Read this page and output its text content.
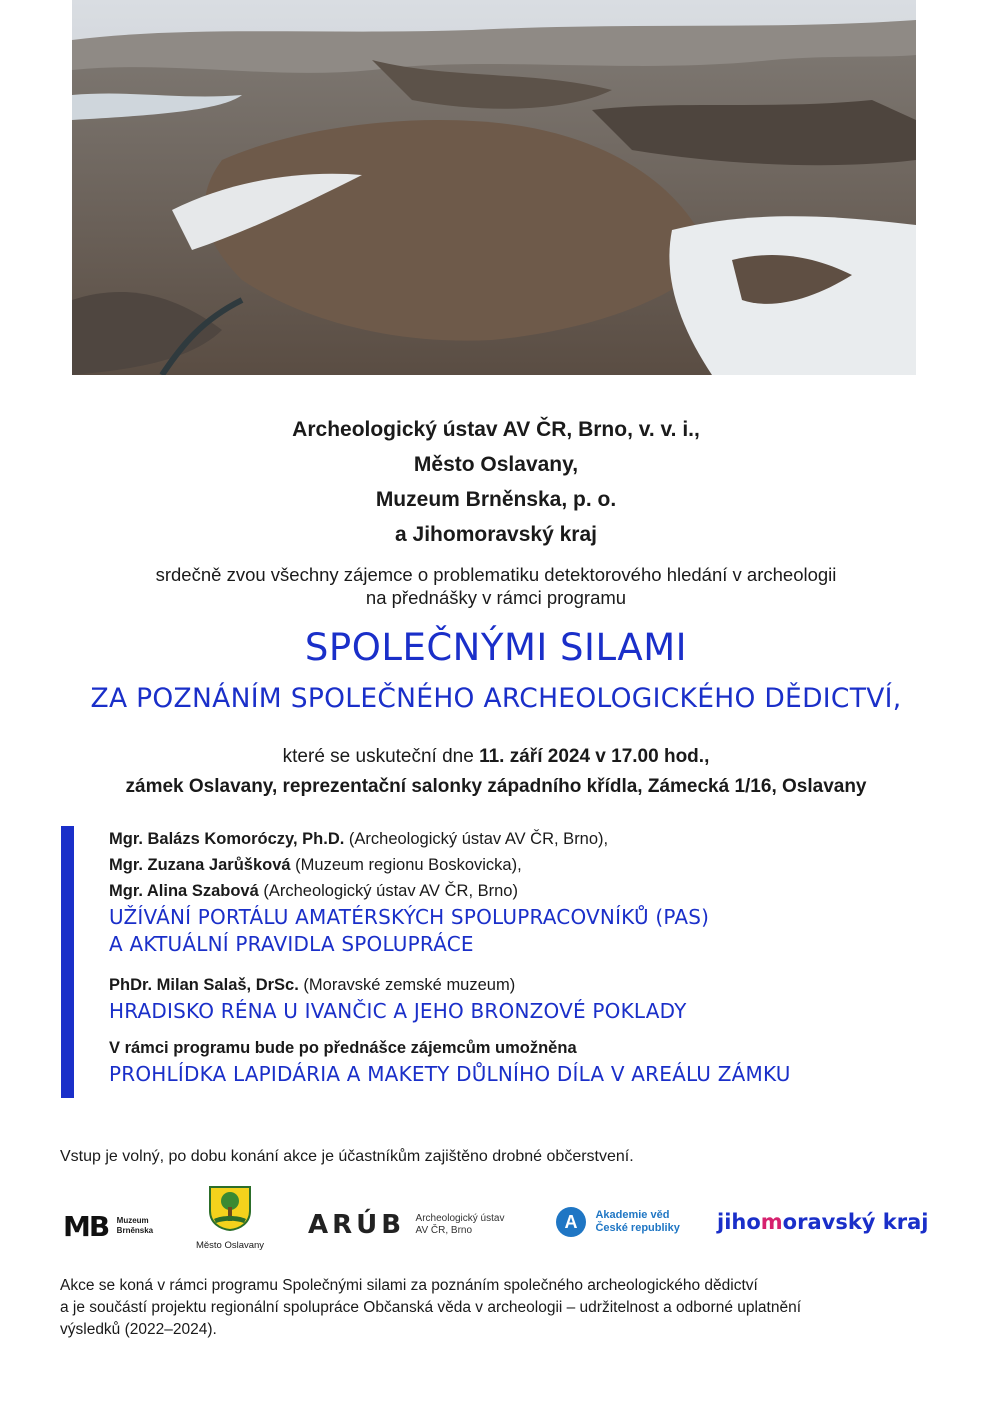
Archeologický ústav AV ČR, Brno, v. v. i.,
Město Oslavany,
Muzeum Brněnska, p. o.
a Jihomoravský kraj
srdečně zvou všechny zájemce o problematiku detektorového hledání v archeologii
na přednášky v rámci programu
SPOLEČNÝMI SILAMI
ZA POZNÁNÍM SPOLEČNÉHO ARCHEOLOGICKÉHO DĚDICTVÍ,
které se uskuteční dne 11. září 2024 v 17.00 hod.,
zámek Oslavany, reprezentační salonky západního křídla, Zámecká 1/16, Oslavany
Mgr. Balázs Komoróczy, Ph.D. (Archeologický ústav AV ČR, Brno),
Mgr. Zuzana Jarůšková (Muzeum regionu Boskovicka),
Mgr. Alina Szabová (Archeologický ústav AV ČR, Brno)
UŽÍVÁNÍ PORTÁLU AMATÉRSKÝCH SPOLUPRACOVNÍKŮ (PAS)
A AKTUÁLNÍ PRAVIDLA SPOLUPRÁCE
PhDr. Milan Salaš, DrSc. (Moravské zemské muzeum)
HRADISKO RÉNA U IVANČIC A JEHO BRONZOVÉ POKLADY
V rámci programu bude po přednášce zájemcům umožněna
PROHLÍDKA LAPIDÁRIA A MAKETY DŮLNÍHO DÍLA V AREÁLU ZÁMKU
Vstup je volný, po dobu konání akce je účastníkům zajištěno drobné občerstvení.
MB Muzeum
Brněnska
Město Oslavany
ARÚB Archeologický ústav
AV ČR, Brno	A Akademie věd
České republiky jihomoravský kraj
Akce se koná v rámci programu Společnými silami za poznáním společného archeologického dědictví
a je součástí projektu regionální spolupráce Občanská věda v archeologii – udržitelnost a odborné uplatnění
výsledků (2022–2024).
